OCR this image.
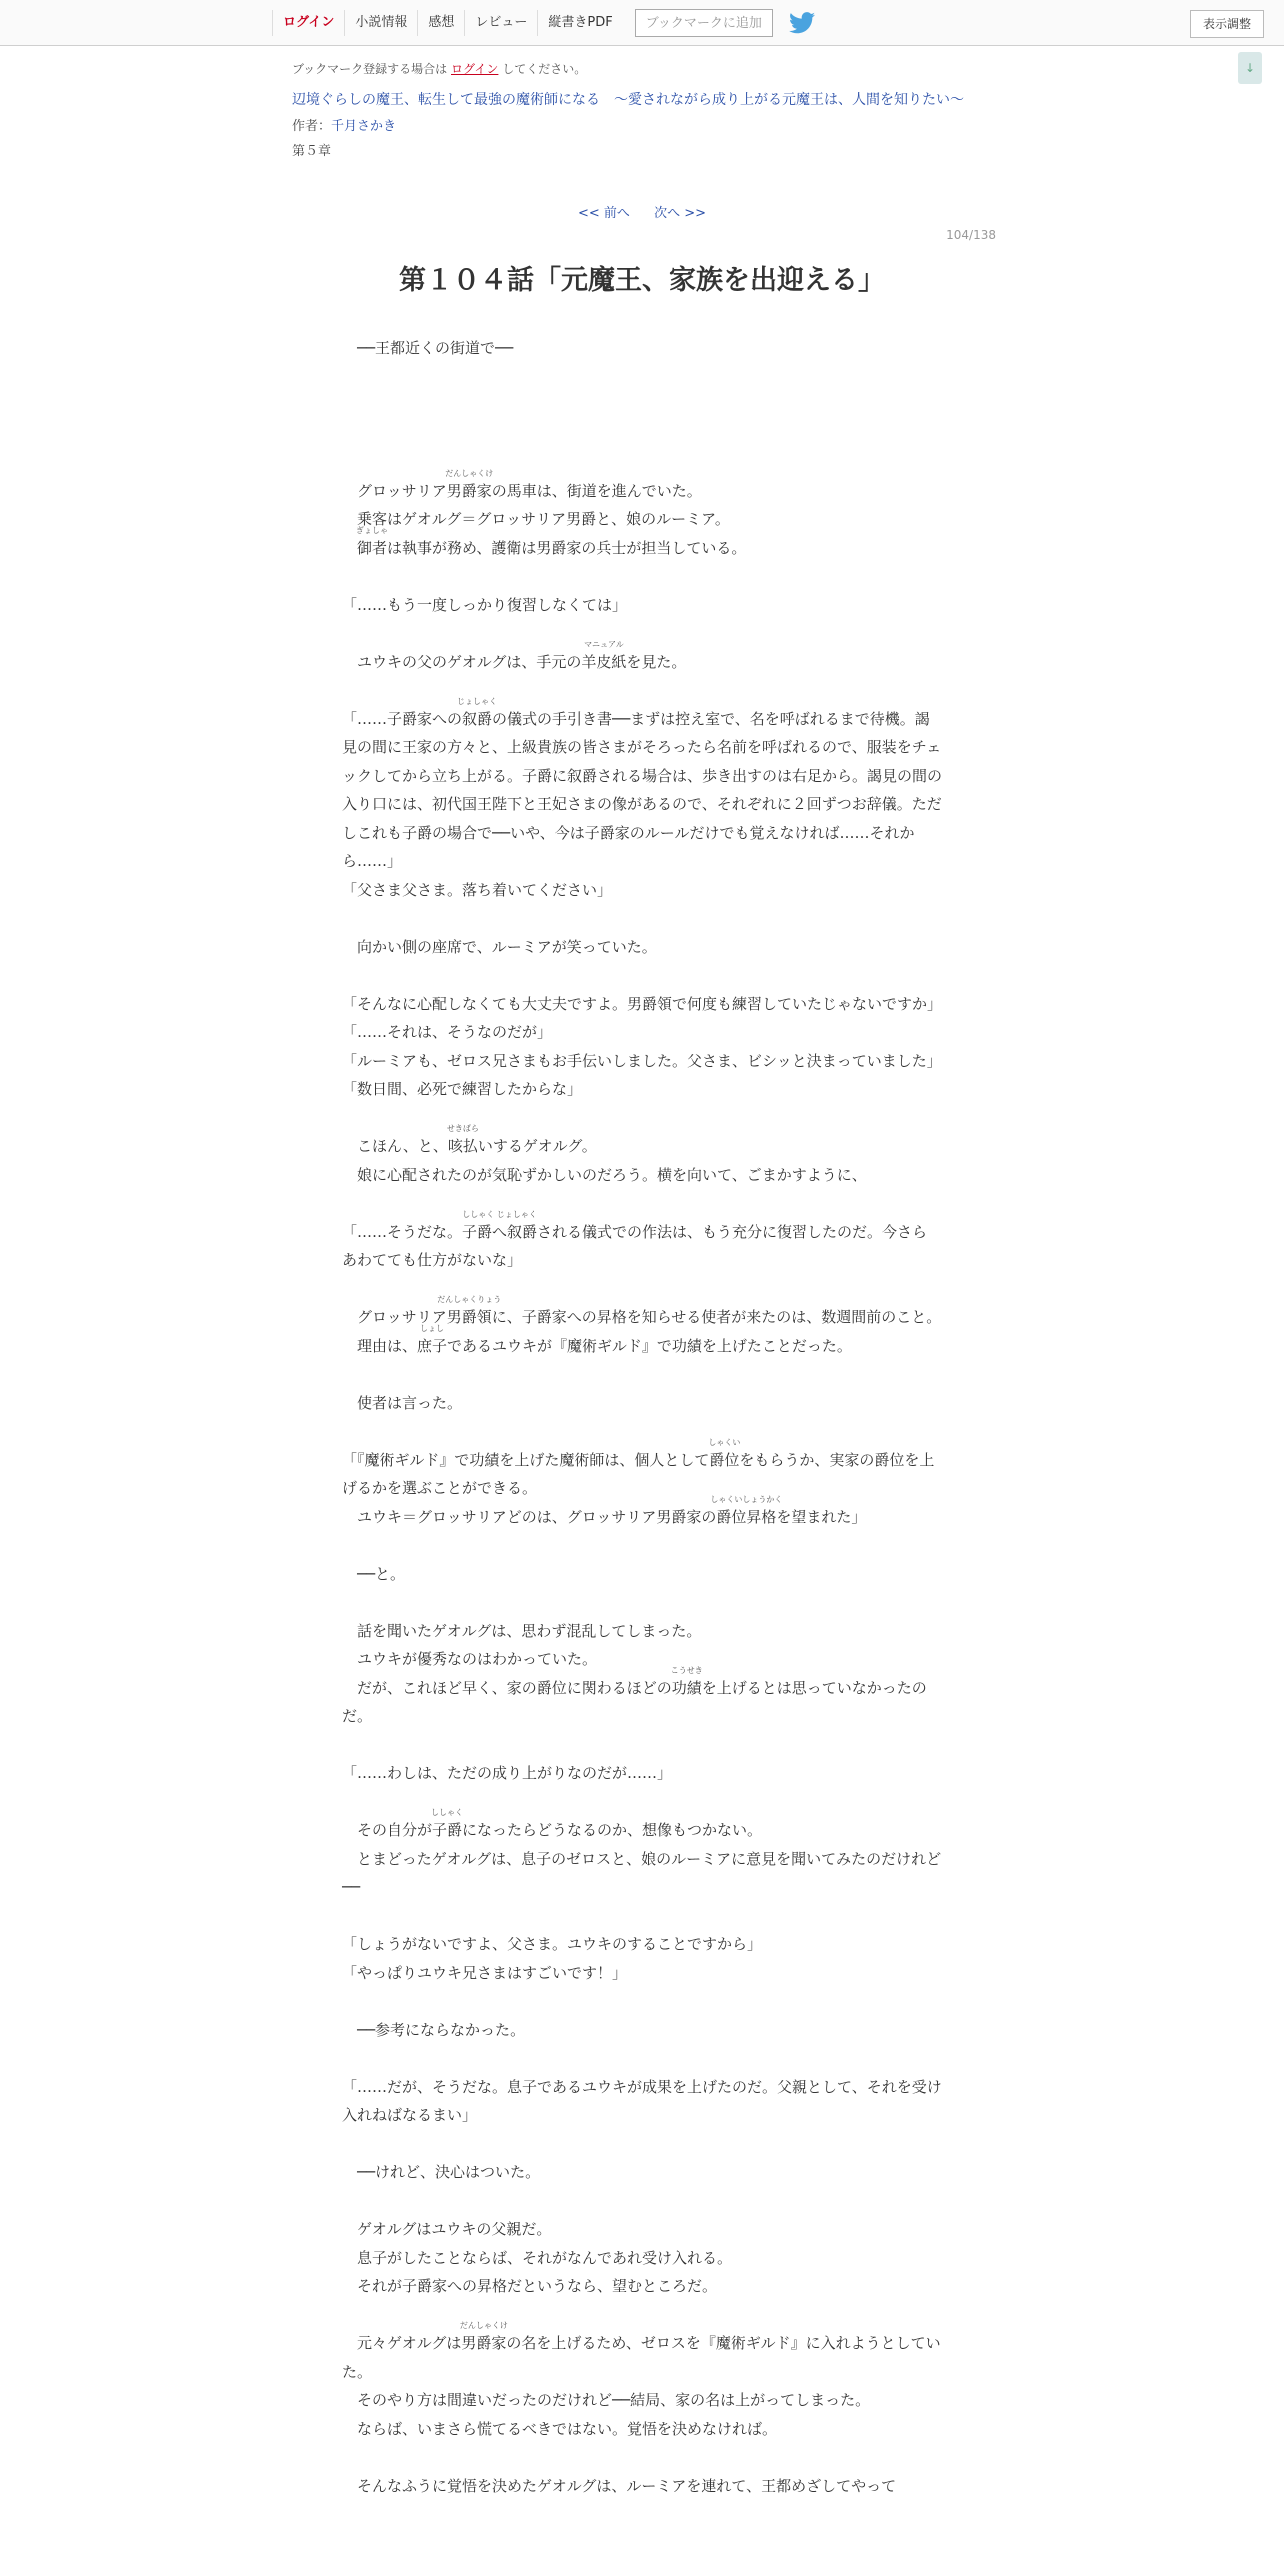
ログイン	小説情報	感想	レビュー	縦書きPDF	ブックマークに追加	表示調整
↓
ブックマーク登録する場合は ログイン してください。
辺境ぐらしの魔王、転生して最強の魔術師になる　〜愛されながら成り上がる元魔王は、人間を知りたい〜
作者：千月さかき
第５章
<< 前へ 次へ >>
104/138
第１０４話「元魔王、家族を出迎える」

　──王都近くの街道で──

　グロッサリア男爵家
だんしゃくけ
の馬車は、街道を進んでいた。

　乗客はゲオルグ＝グロッサリア男爵と、娘のルーミア。

　御者
ぎょしゃ
は執事が務め、護衛は男爵家の兵士が担当している。

「……もう一度しっかり復習しなくては」

　ユウキの父のゲオルグは、手元の羊皮紙
マニュアル
を見た。

「……子爵家への叙爵
じょしゃく
の儀式の手引き書──まずは控え室で、名を呼ばれるまで待機。謁見の間に王家の方々と、上級貴族の皆さまがそろったら名前を呼ばれるので、服装をチェックしてから立ち上がる。子爵に叙爵される場合は、歩き出すのは右足から。謁見の間の入り口には、初代国王陛下と王妃さまの像があるので、それぞれに２回ずつお辞儀。ただしこれも子爵の場合で──いや、今は子爵家のルールだけでも覚えなければ……それから……」

「父さま父さま。落ち着いてください」

　向かい側の座席で、ルーミアが笑っていた。

「そんなに心配しなくても大丈夫ですよ。男爵領で何度も練習していたじゃないですか」

「……それは、そうなのだが」

「ルーミアも、ゼロス兄さまもお手伝いしました。父さま、ビシッと決まっていました」

「数日間、必死で練習したからな」

　こほん、と、咳払
せきばら
いするゲオルグ。

　娘に心配されたのが気恥ずかしいのだろう。横を向いて、ごまかすように、

「……そうだな。子爵へ叙爵
ししゃく じょしゃく
される儀式での作法は、もう充分に復習したのだ。今さらあわてても仕方がないな」

　グロッサリア男爵領
だんしゃくりょう
に、子爵家への昇格を知らせる使者が来たのは、数週間前のこと。

　理由は、庶子
しょし
であるユウキが『魔術ギルド』で功績を上げたことだった。

　使者は言った。

「『魔術ギルド』で功績を上げた魔術師は、個人として爵位
しゃくい
をもらうか、実家の爵位を上げるかを選ぶことができる。

　ユウキ＝グロッサリアどのは、グロッサリア男爵家の爵位昇格
しゃくいしょうかく
を望まれた」

　──と。

　話を聞いたゲオルグは、思わず混乱してしまった。

　ユウキが優秀なのはわかっていた。

　だが、これほど早く、家の爵位に関わるほどの功績
こうせき
を上げるとは思っていなかったのだ。

「……わしは、ただの成り上がりなのだが……」

　その自分が子爵
ししゃく
になったらどうなるのか、想像もつかない。

　とまどったゲオルグは、息子のゼロスと、娘のルーミアに意見を聞いてみたのだけれど──

「しょうがないですよ、父さま。ユウキのすることですから」

「やっぱりユウキ兄さまはすごいです！」

　──参考にならなかった。

「……だが、そうだな。息子であるユウキが成果を上げたのだ。父親として、それを受け入れねばなるまい」

　──けれど、決心はついた。

　ゲオルグはユウキの父親だ。

　息子がしたことならば、それがなんであれ受け入れる。

　それが子爵家への昇格だというなら、望むところだ。

　元々ゲオルグは男爵家
だんしゃくけ
の名を上げるため、ゼロスを『魔術ギルド』に入れようとしていた。

　そのやり方は間違いだったのだけれど──結局、家の名は上がってしまった。

　ならば、いまさら慌てるべきではない。覚悟を決めなければ。

　そんなふうに覚悟を決めたゲオルグは、ルーミアを連れて、王都めざしてやって
